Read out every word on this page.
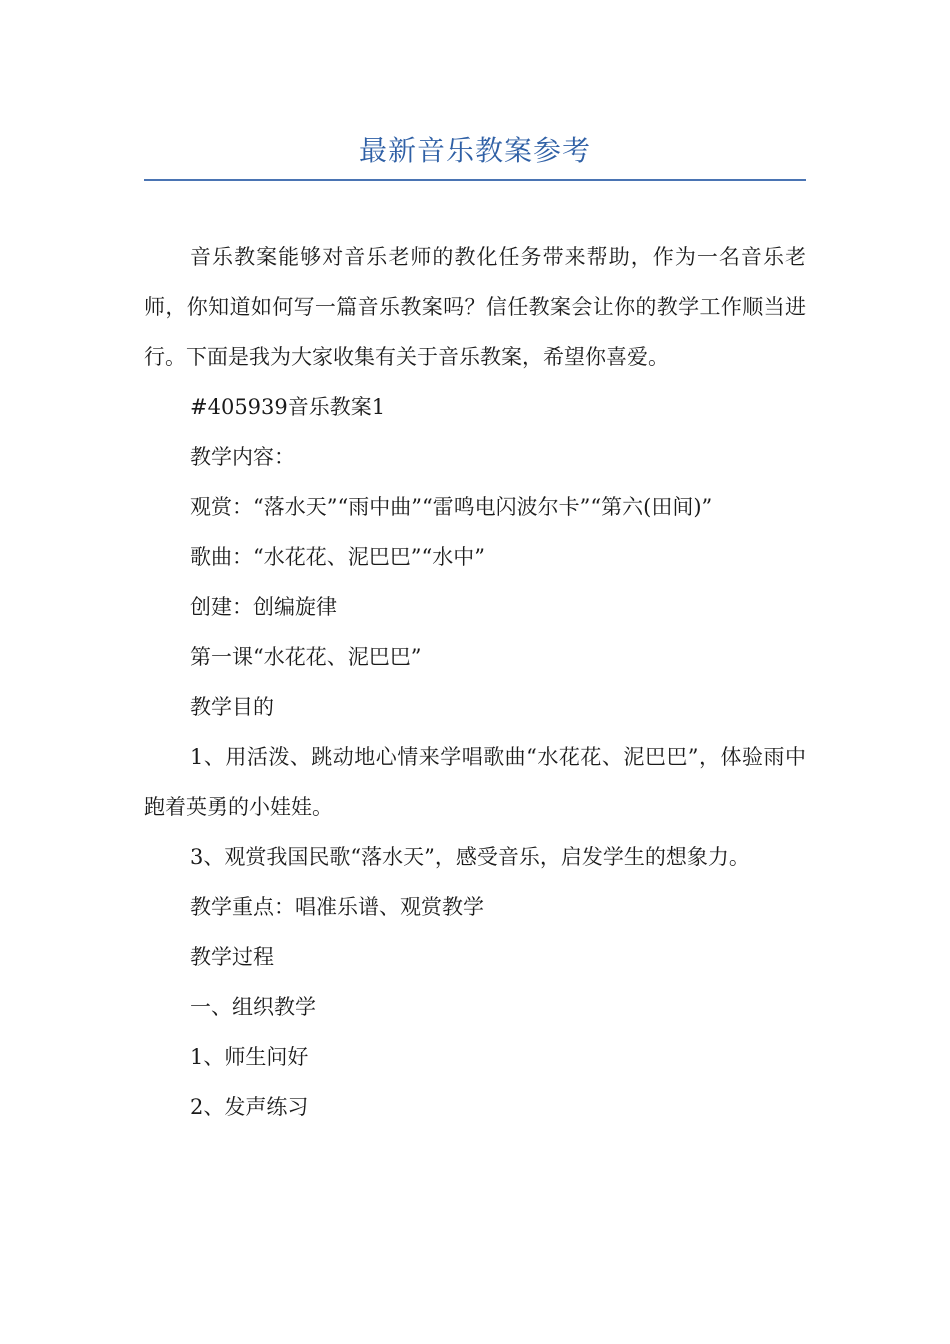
最新音乐教案参考

音乐教案能够对音乐老师的教化任务带来帮助，作为一名音乐老师，你知道如何写一篇音乐教案吗？信任教案会让你的教学工作顺当进行。下面是我为大家收集有关于音乐教案，希望你喜爱。

#405939音乐教案1

教学内容：

观赏：“落水天”“雨中曲”“雷鸣电闪波尔卡”“第六(田间)”

歌曲：“水花花、泥巴巴”“水中”

创建：创编旋律

第一课“水花花、泥巴巴”

教学目的

1、用活泼、跳动地心情来学唱歌曲“水花花、泥巴巴”，体验雨中跑着英勇的小娃娃。

3、观赏我国民歌“落水天”，感受音乐，启发学生的想象力。

教学重点：唱准乐谱、观赏教学

教学过程

一、组织教学

1、师生问好

2、发声练习
